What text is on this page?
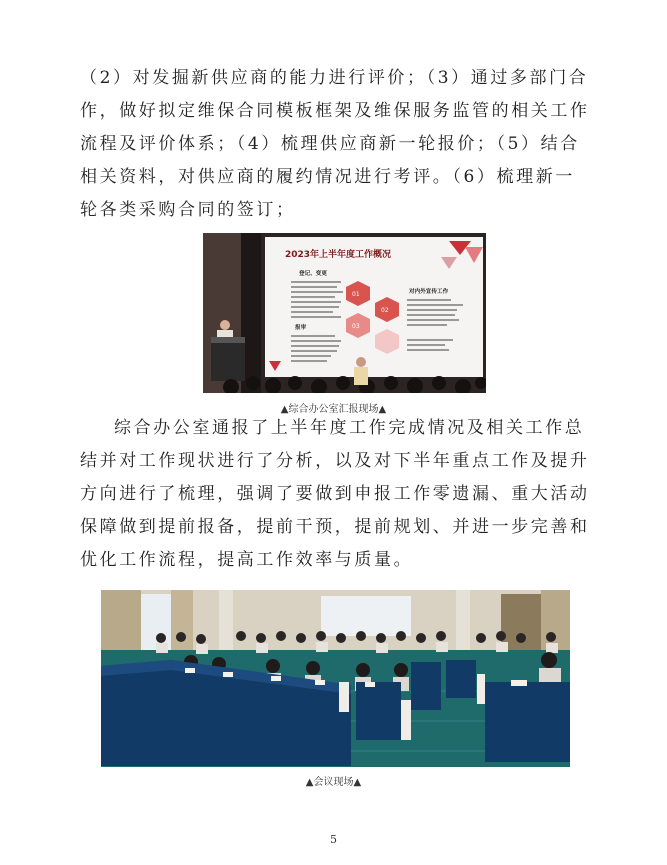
（2）对发掘新供应商的能力进行评价；（3）通过多部门合作，做好拟定维保合同模板框架及维保服务监管的相关工作流程及评价体系；（4）梳理供应商新一轮报价；（5）结合相关资料，对供应商的履约情况进行考评。（6）梳理新一轮各类采购合同的签订；

2023年上半年度工作概况
登记、变更
01
02
03
对内外宣传工作
报审
▲综合办公室汇报现场▲

综合办公室通报了上半年度工作完成情况及相关工作总结并对工作现状进行了分析，以及对下半年重点工作及提升方向进行了梳理，强调了要做到申报工作零遗漏、重大活动保障做到提前报备，提前干预，提前规划、并进一步完善和优化工作流程，提高工作效率与质量。

▲会议现场▲
5
